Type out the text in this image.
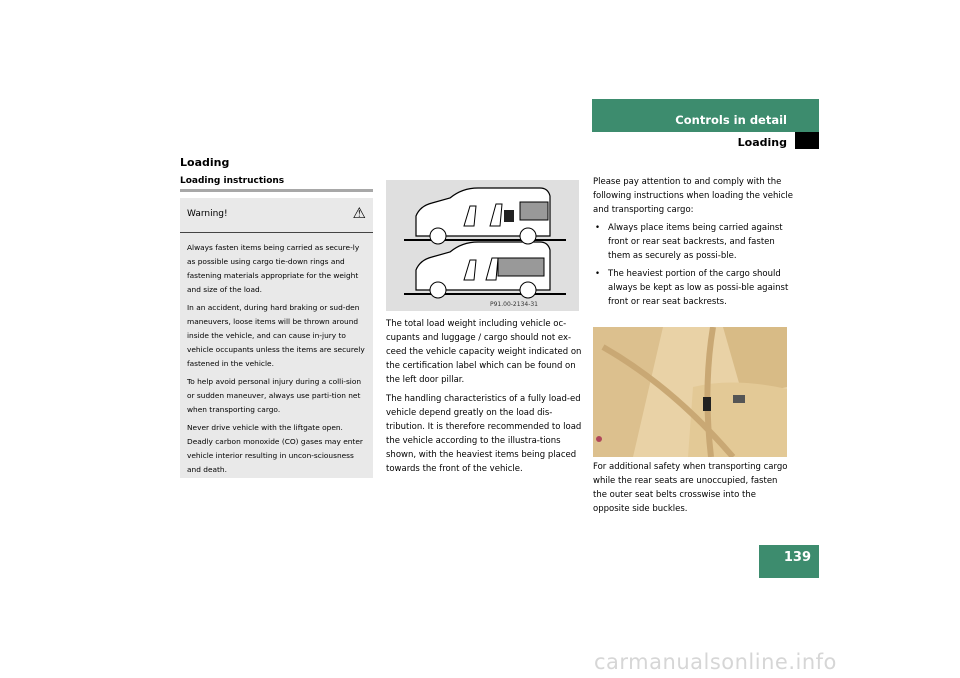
Controls in detail
Loading
Loading
Loading instructions
Warning!	⚠

Always fasten items being carried as secure-ly as possible using cargo tie-down rings and fastening materials appropriate for the weight and size of the load.

In an accident, during hard braking or sud-den maneuvers, loose items will be thrown around inside the vehicle, and can cause in-jury to vehicle occupants unless the items are securely fastened in the vehicle.

To help avoid personal injury during a colli-sion or sudden maneuver, always use parti-tion net when transporting cargo.

Never drive vehicle with the liftgate open. Deadly carbon monoxide (CO) gases may enter vehicle interior resulting in uncon-sciousness and death.

P91.00-2134-31

The total load weight including vehicle oc-cupants and luggage / cargo should not ex-ceed the vehicle capacity weight indicated on the certification label which can be found on the left door pillar.

The handling characteristics of a fully load-ed vehicle depend greatly on the load dis-tribution. It is therefore recommended to load the vehicle according to the illustra-tions shown, with the heaviest items being placed towards the front of the vehicle.

Please pay attention to and comply with the following instructions when loading the vehicle and transporting cargo:

• Always place items being carried against front or rear seat backrests, and fasten them as securely as possi-ble.
• The heaviest portion of the cargo should always be kept as low as possi-ble against front or rear seat backrests.

For additional safety when transporting cargo while the rear seats are unoccupied, fasten the outer seat belts crosswise into the opposite side buckles.

139
carmanualsonline.info
